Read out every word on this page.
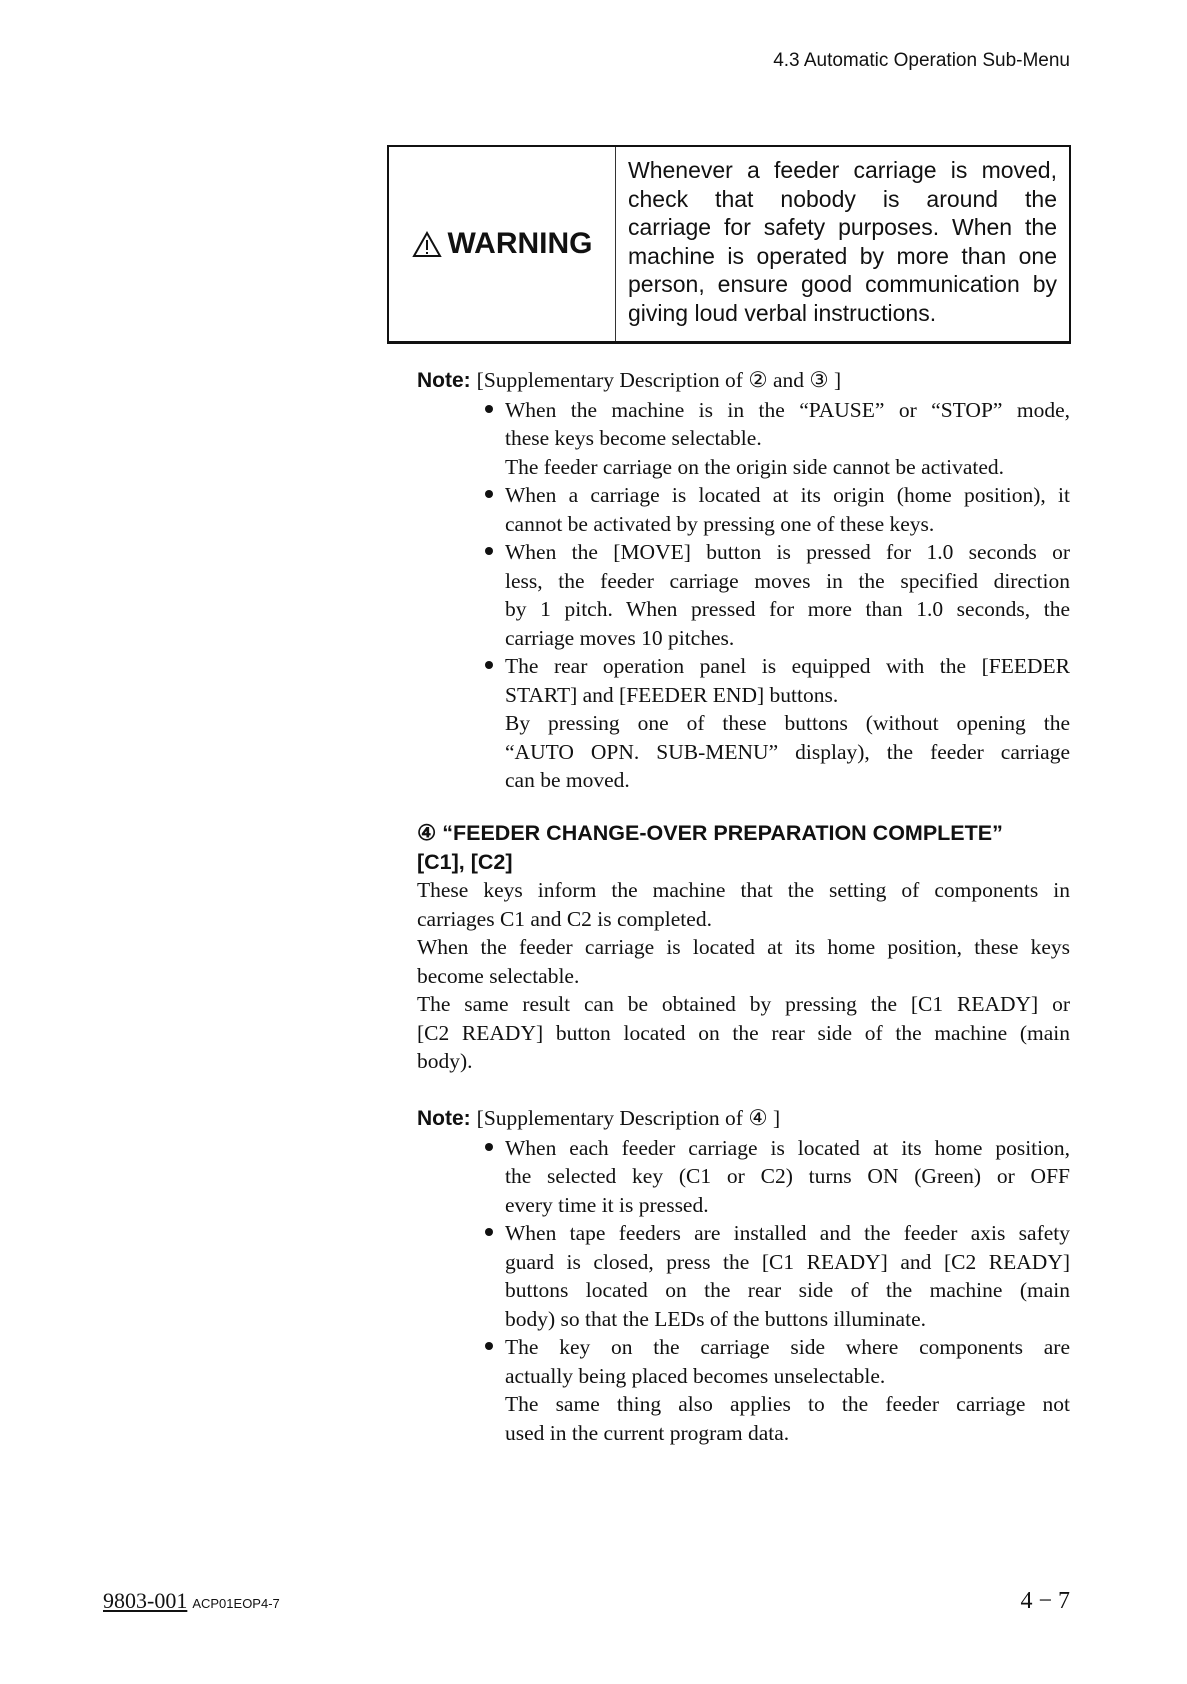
4.3 Automatic Operation Sub-Menu
WARNING
Whenever a feeder carriage is moved,
check that nobody is around the
carriage for safety purposes. When the
machine is operated by more than one
person, ensure good communication by
giving loud verbal instructions.
Note: [Supplementary Description of ② and ③ ]
When the machine is in the “PAUSE” or “STOP” mode,
these keys become selectable.
The feeder carriage on the origin side cannot be activated.
When a carriage is located at its origin (home position), it
cannot be activated by pressing one of these keys.
When the [MOVE] button is pressed for 1.0 seconds or
less, the feeder carriage moves in the specified direction
by 1 pitch. When pressed for more than 1.0 seconds, the
carriage moves 10 pitches.
The rear operation panel is equipped with the [FEEDER
START] and [FEEDER END] buttons.
By pressing one of these buttons (without opening the
“AUTO OPN. SUB-MENU” display), the feeder carriage
can be moved.
④ “FEEDER CHANGE-OVER PREPARATION COMPLETE”
[C1], [C2]
These keys inform the machine that the setting of components in
carriages C1 and C2 is completed.
When the feeder carriage is located at its home position, these keys
become selectable.
The same result can be obtained by pressing the [C1 READY] or
[C2 READY] button located on the rear side of the machine (main
body).
Note: [Supplementary Description of ④ ]
When each feeder carriage is located at its home position,
the selected key (C1 or C2) turns ON (Green) or OFF
every time it is pressed.
When tape feeders are installed and the feeder axis safety
guard is closed, press the [C1 READY] and [C2 READY]
buttons located on the rear side of the machine (main
body) so that the LEDs of the buttons illuminate.
The key on the carriage side where components are
actually being placed becomes unselectable.
The same thing also applies to the feeder carriage not
used in the current program data.
9803-001 ACP01EOP4-7	4 − 7
